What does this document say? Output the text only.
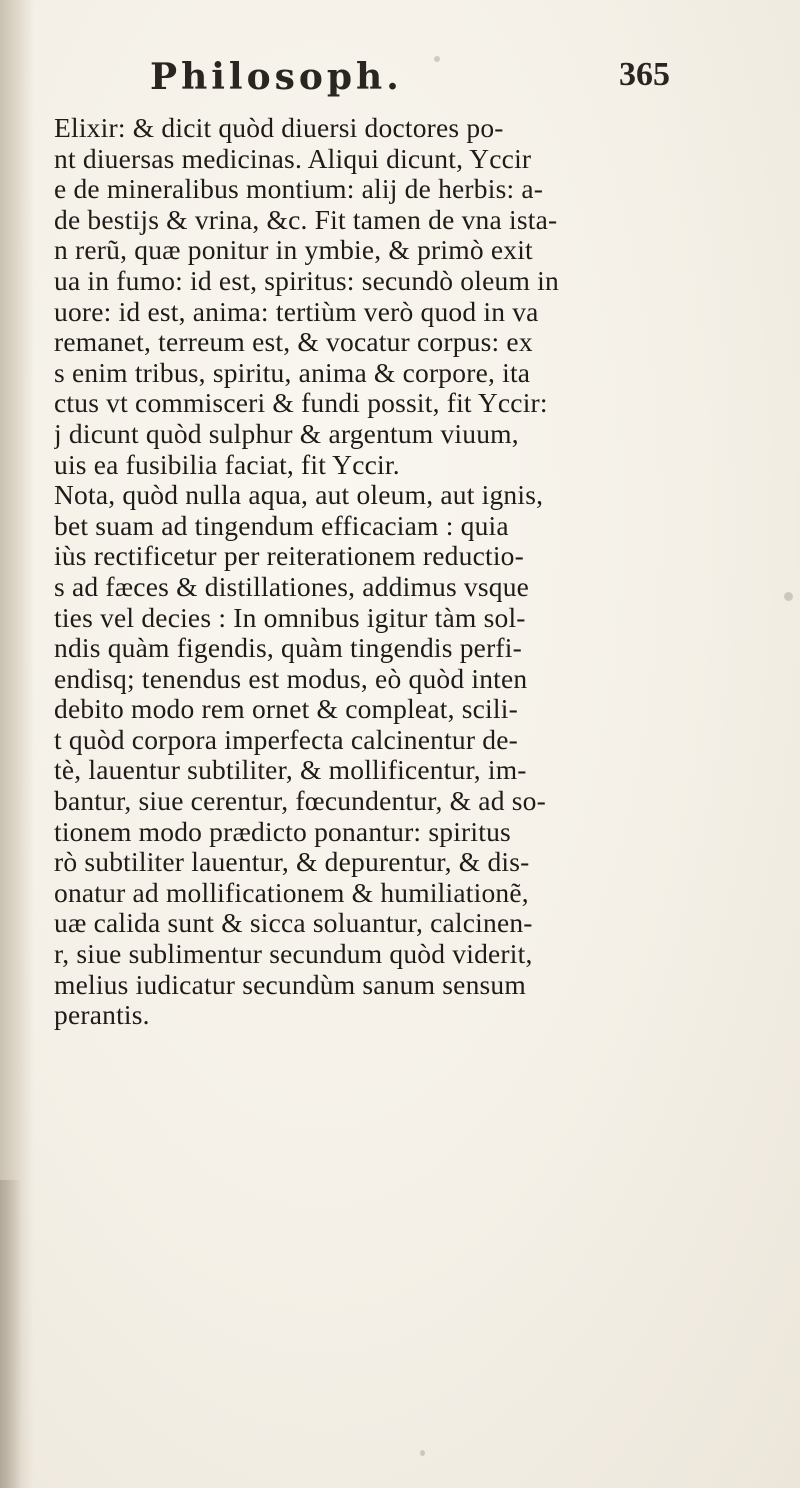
Philosoph.	365
Elixir: & dicit quòd diuersi doctores po-
nt diuersas medicinas. Aliqui dicunt, Yccir
e de mineralibus montium: alij de herbis: a-
de bestijs & vrina, &c. Fit tamen de vna ista-
n rerũ, quæ ponitur in ymbie, & primò exit
ua in fumo: id est, spiritus: secundò oleum in
uore: id est, anima: tertiùm verò quod in va
remanet, terreum est, & vocatur corpus: ex
s enim tribus, spiritu, anima & corpore, ita
ctus vt commisceri & fundi possit, fit Yccir:
j dicunt quòd sulphur & argentum viuum,
uis ea fusibilia faciat, fit Yccir.
Nota, quòd nulla aqua, aut oleum, aut ignis,
bet suam ad tingendum efficaciam : quia
iùs rectificetur per reiterationem reductio-
s ad fæces & distillationes, addimus vsque
ties vel decies : In omnibus igitur tàm sol-
ndis quàm figendis, quàm tingendis perfi-
endisq; tenendus est modus, eò quòd inten
debito modo rem ornet & compleat, scili-
t quòd corpora imperfecta calcinentur de-
tè, lauentur subtiliter, & mollificentur, im-
bantur, siue cerentur, fœcundentur, & ad so-
tionem modo prædicto ponantur: spiritus
rò subtiliter lauentur, & depurentur, & dis-
onatur ad mollificationem & humiliationẽ,
uæ calida sunt & sicca soluantur, calcinen-
r, siue sublimentur secundum quòd viderit,
melius iudicatur secundùm sanum sensum
perantis.
